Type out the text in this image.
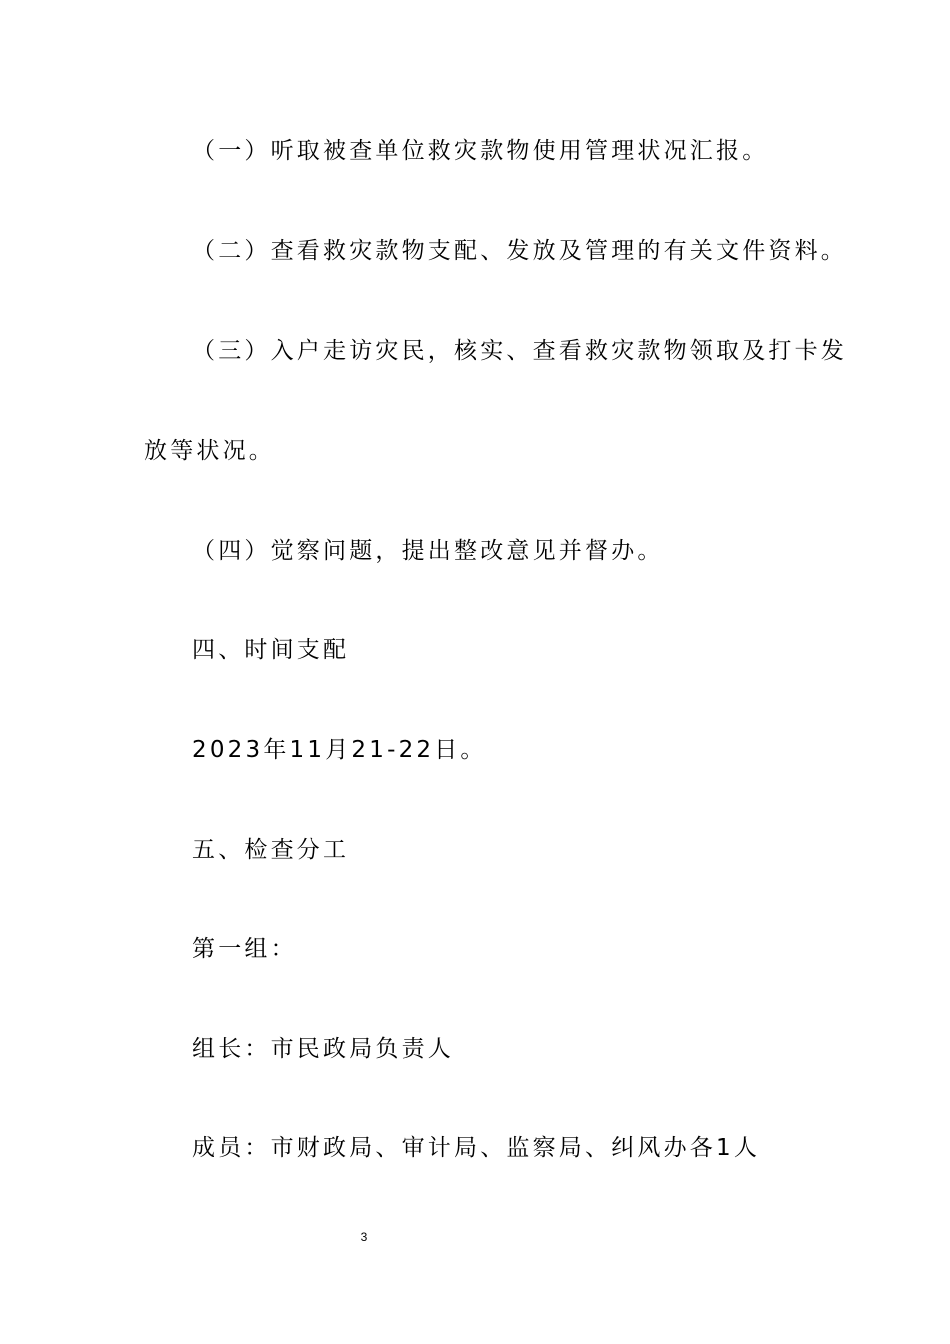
（一）听取被查单位救灾款物使用管理状况汇报。
（二）查看救灾款物支配、发放及管理的有关文件资料。
（三）入户走访灾民，核实、查看救灾款物领取及打卡发
放等状况。
（四）觉察问题，提出整改意见并督办。
四、时间支配
2023年11月21-22日。
五、检查分工
第一组：
组长：市民政局负责人
成员：市财政局、审计局、监察局、纠风办各1人
3
